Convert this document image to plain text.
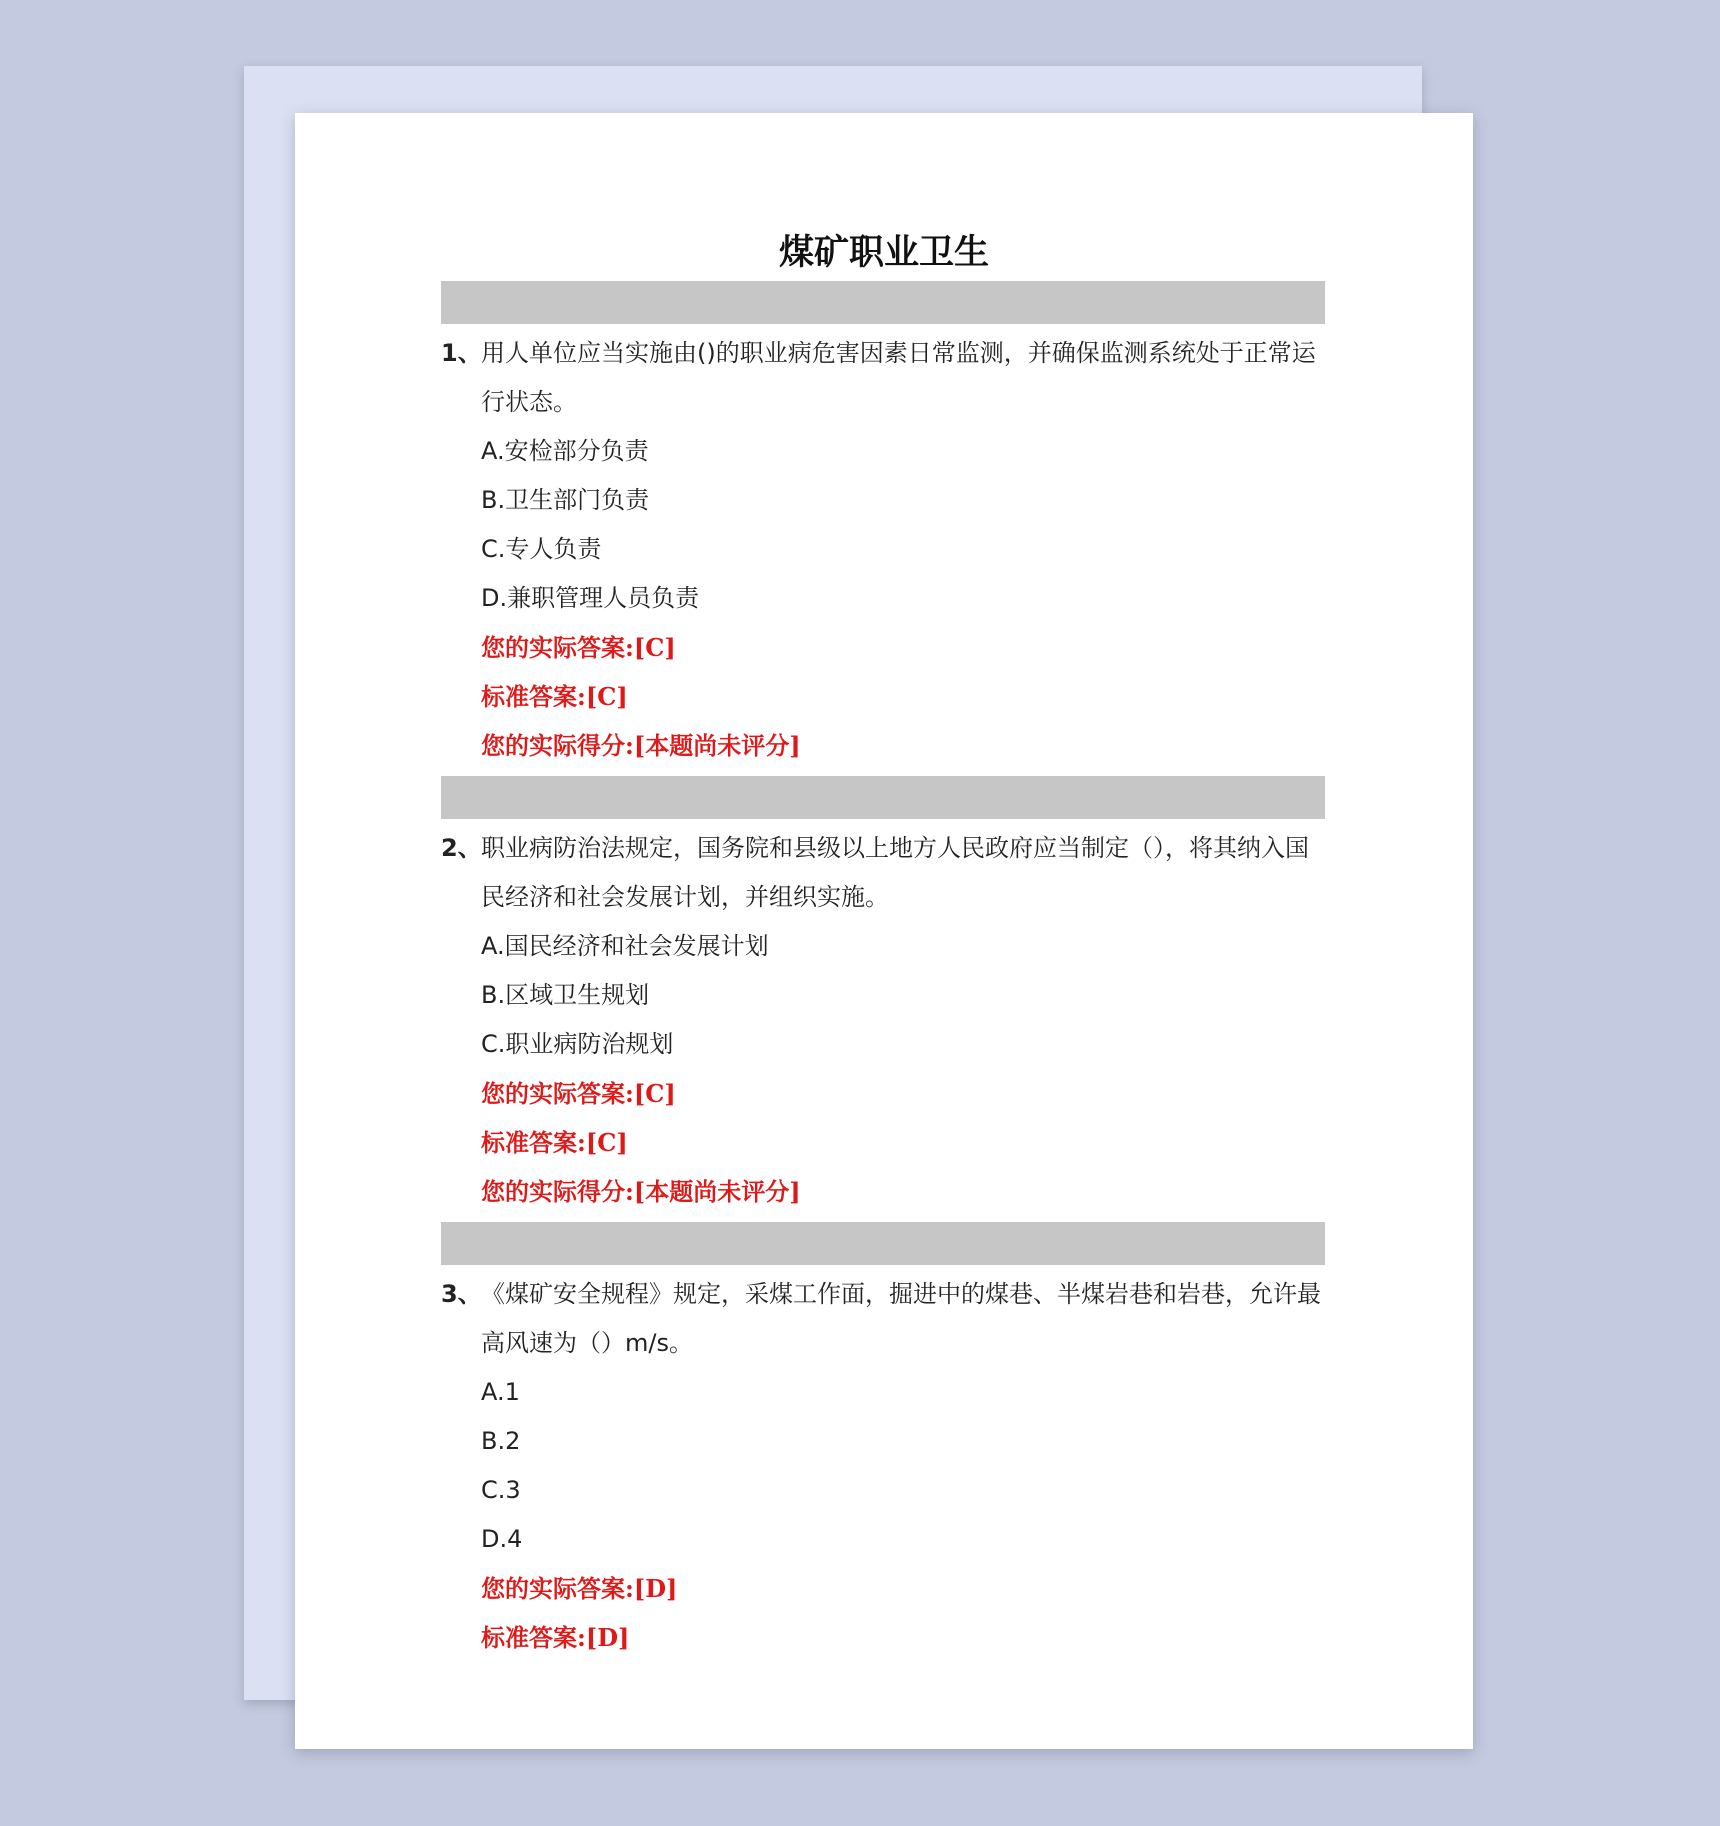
煤矿职业卫生
1、 用人单位应当实施由()的职业病危害因素日常监测，并确保监测系统处于正常运行状态。
A.安检部分负责
B.卫生部门负责
C.专人负责
D.兼职管理人员负责
您的实际答案:[C]
标准答案:[C]
您的实际得分:[本题尚未评分]
2、 职业病防治法规定，国务院和县级以上地方人民政府应当制定（），将其纳入国民经济和社会发展计划，并组织实施。
A.国民经济和社会发展计划
B.区域卫生规划
C.职业病防治规划
您的实际答案:[C]
标准答案:[C]
您的实际得分:[本题尚未评分]
3、 《煤矿安全规程》规定，采煤工作面，掘进中的煤巷、半煤岩巷和岩巷，允许最高风速为（）m/s。
A.1
B.2
C.3
D.4
您的实际答案:[D]
标准答案:[D]
